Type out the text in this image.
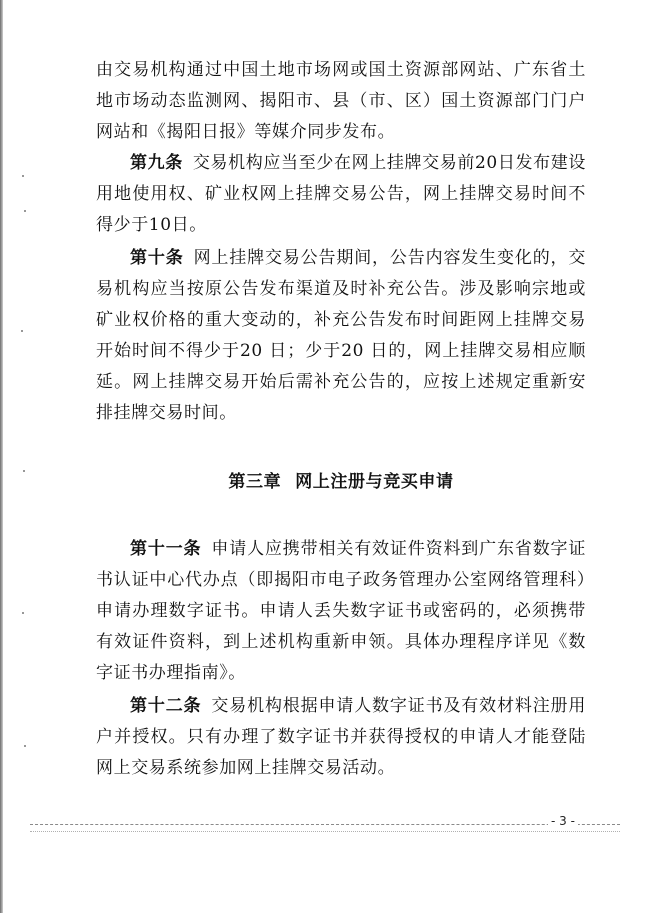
由交易机构通过中国土地市场网或国土资源部网站、广东省土地市场动态监测网、揭阳市、县（市、区）国土资源部门门户网站和《揭阳日报》等媒介同步发布。

第九条 交易机构应当至少在网上挂牌交易前20日发布建设用地使用权、矿业权网上挂牌交易公告，网上挂牌交易时间不得少于10日。

第十条 网上挂牌交易公告期间，公告内容发生变化的，交易机构应当按原公告发布渠道及时补充公告。涉及影响宗地或矿业权价格的重大变动的，补充公告发布时间距网上挂牌交易开始时间不得少于20 日；少于20 日的，网上挂牌交易相应顺延。网上挂牌交易开始后需补充公告的，应按上述规定重新安排挂牌交易时间。

第三章 网上注册与竞买申请

第十一条 申请人应携带相关有效证件资料到广东省数字证书认证中心代办点（即揭阳市电子政务管理办公室网络管理科）申请办理数字证书。申请人丢失数字证书或密码的，必须携带有效证件资料，到上述机构重新申领。具体办理程序详见《数字证书办理指南》。

第十二条 交易机构根据申请人数字证书及有效材料注册用户并授权。只有办理了数字证书并获得授权的申请人才能登陆网上交易系统参加网上挂牌交易活动。

- 3 -
